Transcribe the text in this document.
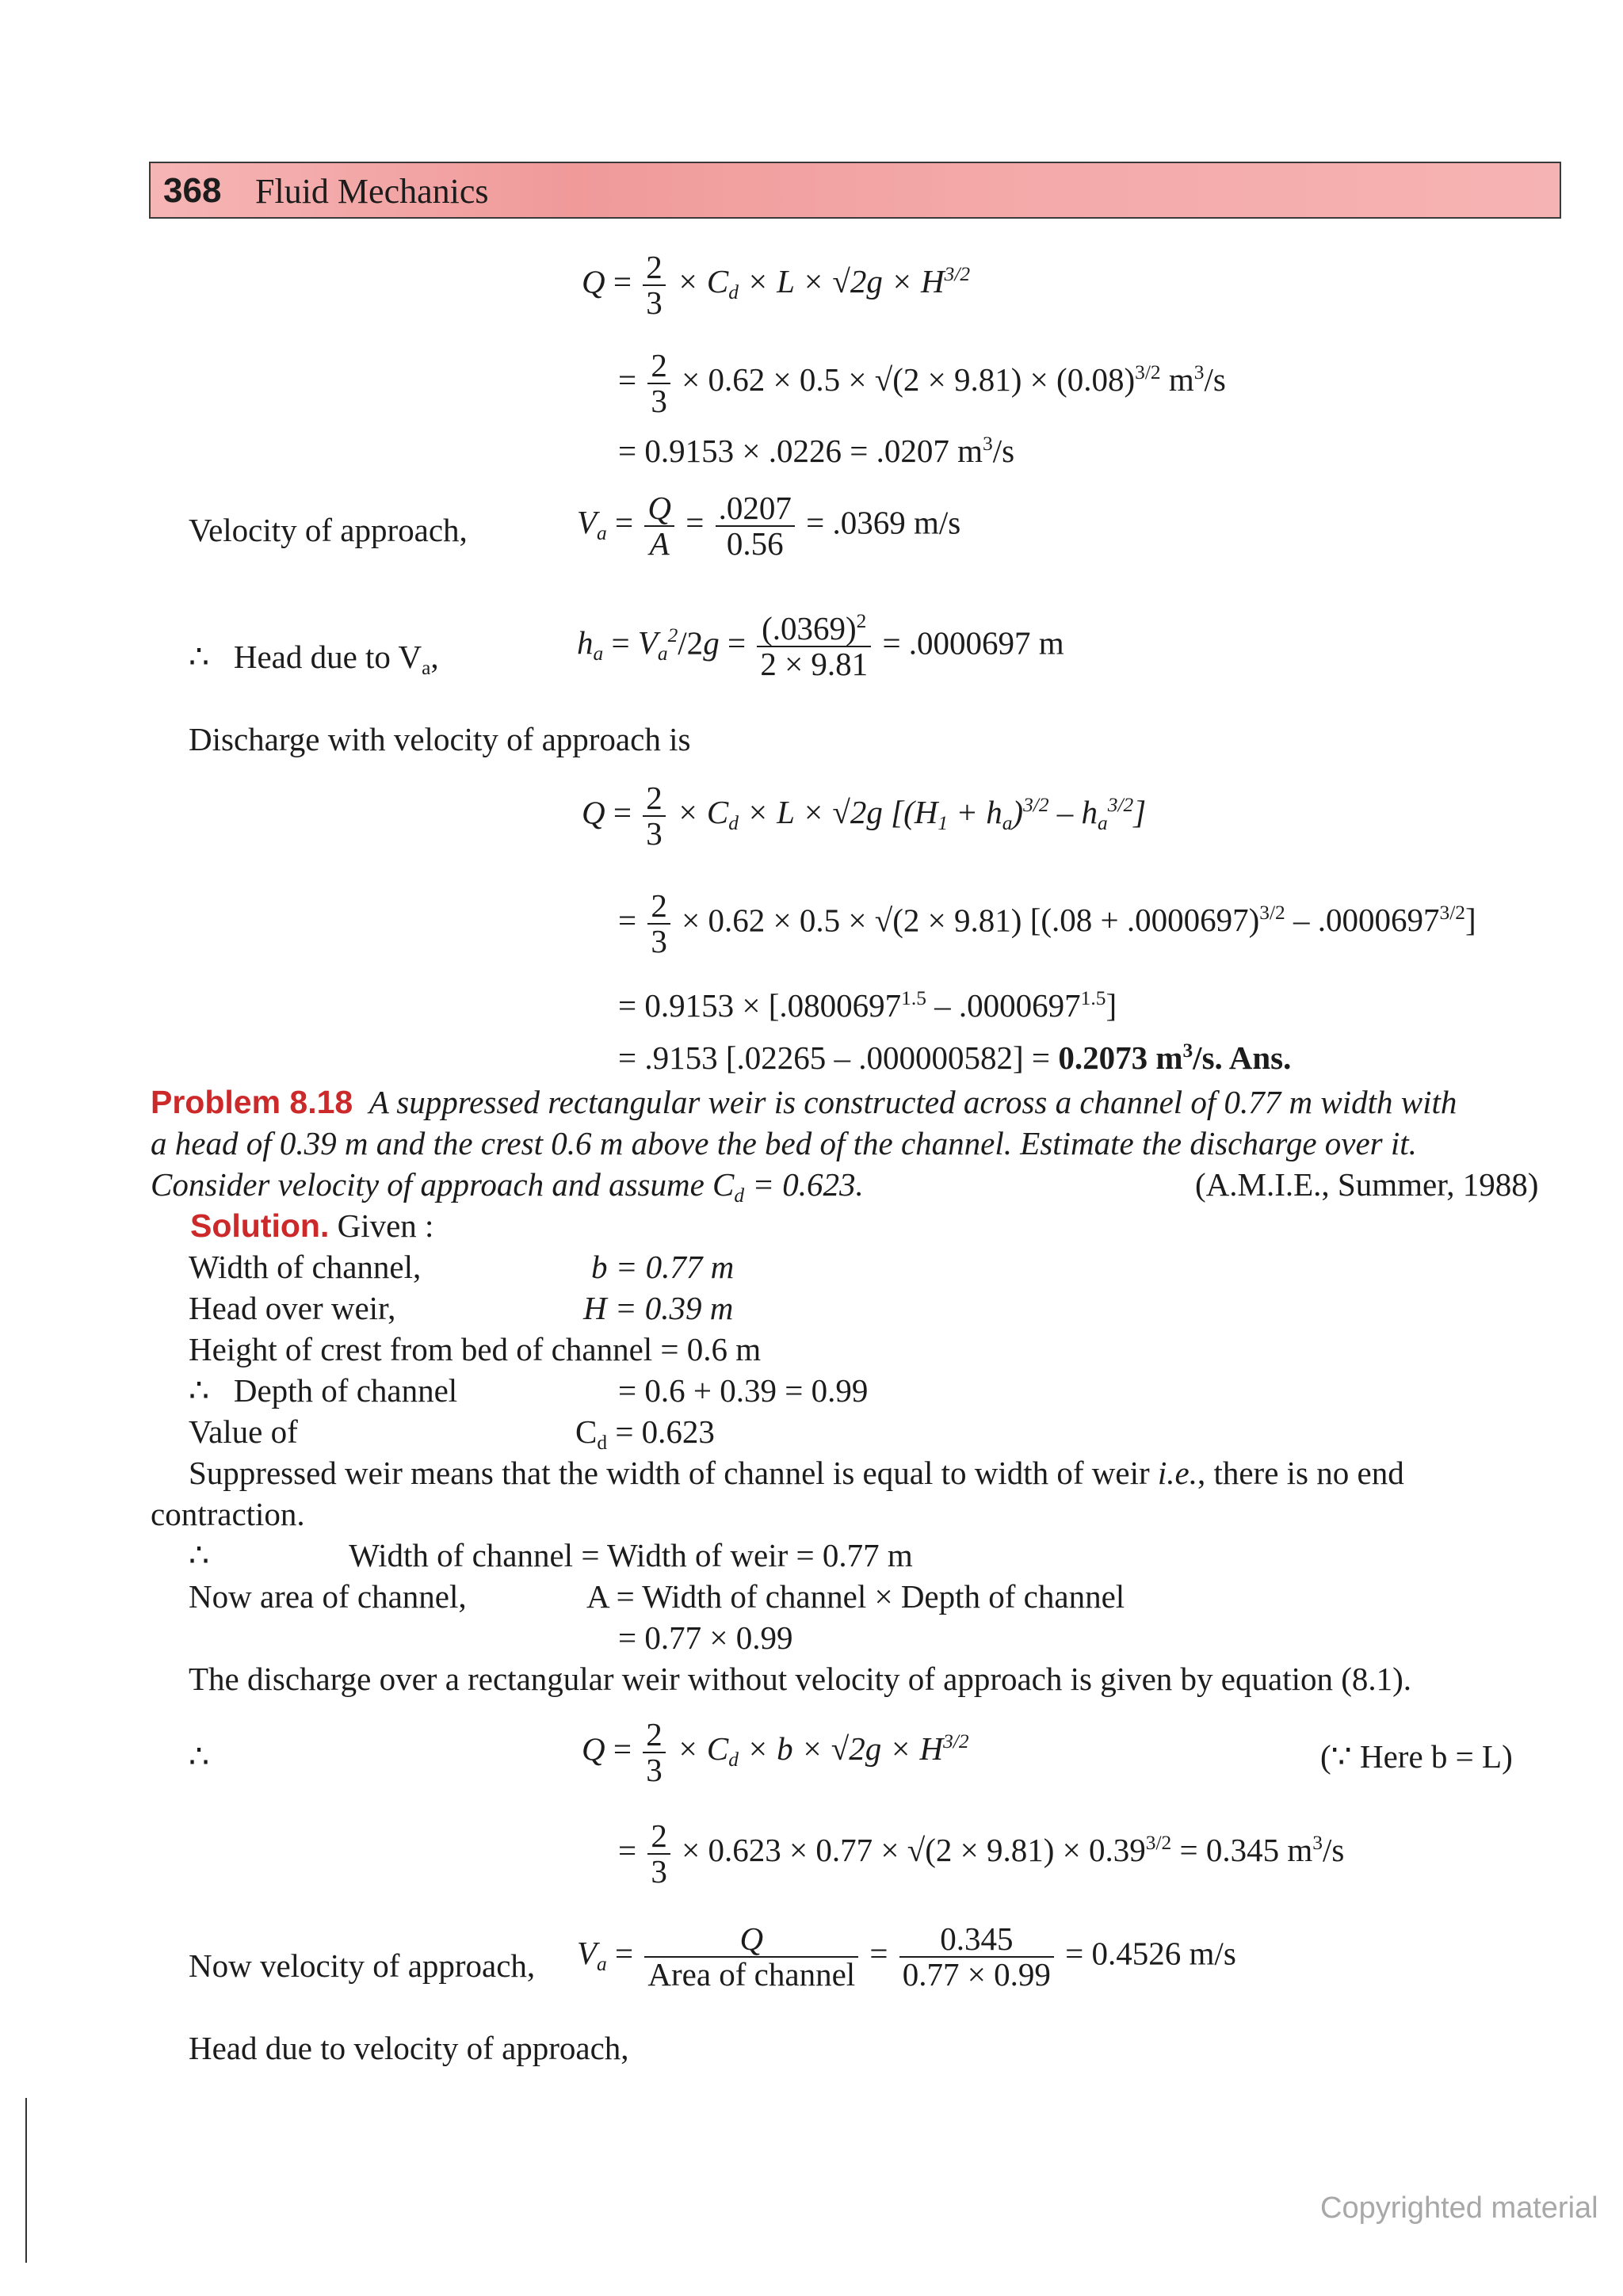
368 Fluid Mechanics
$Q = \frac{2}{3} \times C_d \times L \times √2g \times H^{3/2}$
= $\frac{2}{3} \times 0.62 \times 0.5 \times √(2 \times 9.81) \times (0.08)^{3/2}$ $m^3/s$
= 0.9153 × .0226 = .0207 $m^3/s$
Velocity of approach,	$V_a = \frac{Q}{A} = \frac{.0207}{0.56} = .0369$ m/s
∴   Head due to $V_a$,	$h_a = V_a^2/2g = \frac{(.0369)^2}{2 \times 9.81} = .0000697$ m
Discharge with velocity of approach is
$Q = \frac{2}{3} \times C_d \times L \times √2g$ $[(H_1 + h_a)^{3/2} - h_a^{3/2}]$
= $\frac{2}{3} \times 0.62 \times 0.5 \times √(2 \times 9.81) [(.08 + .0000697)^{3/2} - .0000697^{3/2}]$
= $0.9153 \times [.0800697^{1.5} - .0000697^{1.5}]$
= .9153 [.02265 – .000000582] = 0.2073 $m^3/s$. Ans.
Problem 8.18 A suppressed rectangular weir is constructed across a channel of 0.77 m width with
a head of 0.39 m and the crest 0.6 m above the bed of the channel. Estimate the discharge over it.
Consider velocity of approach and assume $C_d = 0.623$.	(A.M.I.E., Summer, 1988)
Solution. Given :
Width of channel,	b = 0.77 m
Head over weir,	H = 0.39 m
Height of crest from bed of channel = 0.6 m
∴   Depth of channel	= 0.6 + 0.39 = 0.99
Value of	$C_d = 0.623$
Suppressed weir means that the width of channel is equal to width of weir i.e., there is no end
contraction.
∴	Width of channel = Width of weir = 0.77 m
Now area of channel,	A = Width of channel × Depth of channel
= 0.77 × 0.99
The discharge over a rectangular weir without velocity of approach is given by equation (8.1).
∴	$Q = \frac{2}{3} \times C_d \times b \times √2g \times H^{3/2}$	(∵ Here b = L)
= $\frac{2}{3} \times 0.623 \times 0.77 \times √(2 \times 9.81) \times 0.39^{3/2} = 0.345$ $m^3/s$
Now velocity of approach, $V_a = \frac{Q}{\text{Area of channel}} = \frac{0.345}{0.77 \times 0.99} = 0.4526$ m/s
Head due to velocity of approach,
Copyrighted material
